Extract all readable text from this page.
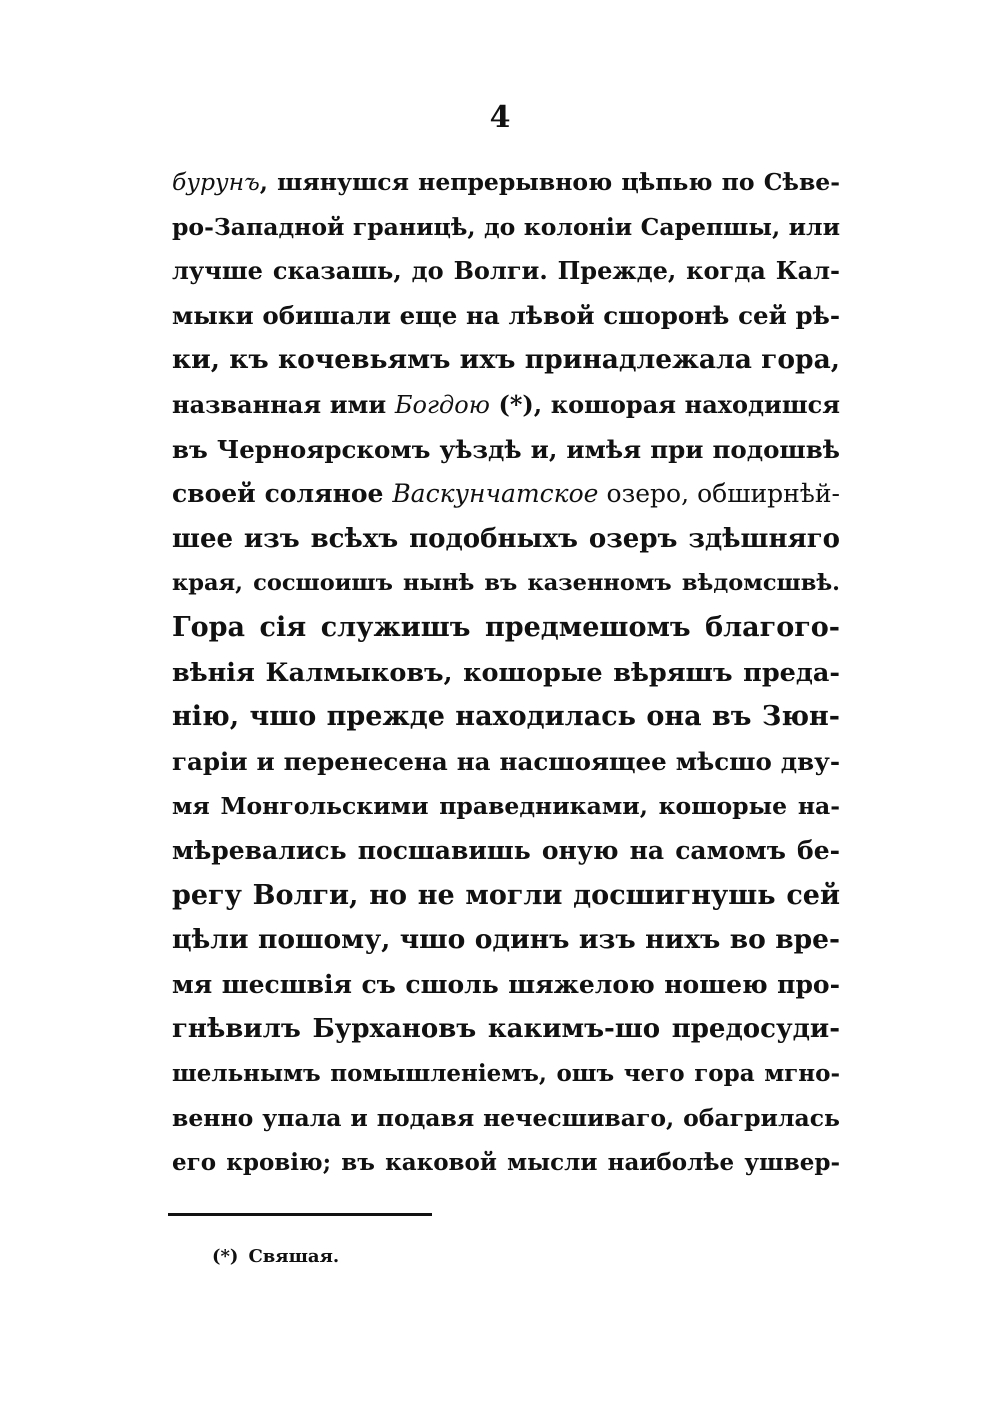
4
бурунъ, шянушся непрерывною цѣпью по Сѣве-
ро-Западной границѣ, до колоніи Сарепшы, или
лучше сказашь, до Волги. Прежде, когда Кал-
мыки обишали еще на лѣвой сшоронѣ сей рѣ-
ки, къ кочевьямъ ихъ принадлежала гора,
названная ими Богдою (*), кошорая находишся
въ Черноярскомъ уѣздѣ и, имѣя при подошвѣ
своей соляное Васкунчатское озеро, обширнѣй-
шее изъ всѣхъ подобныхъ озеръ здѣшняго
края, сосшоишъ нынѣ въ казенномъ вѣдомсшвѣ.
Гора сія служишъ предмешомъ благого-
вѣнія Калмыковъ, кошорые вѣряшъ преда-
нію, чшо прежде находилась она въ Зюн-
гаріи и перенесена на насшоящее мѣсшо дву-
мя Монгольскими праведниками, кошорые на-
мѣревались посшавишь оную на самомъ бе-
регу Волги, но не могли досшигнушь сей
цѣли пошому, чшо одинъ изъ нихъ во вре-
мя шесшвія съ сшоль шяжелою ношею про-
гнѣвилъ Бурхановъ какимъ-шо предосуди-
шельнымъ помышленіемъ, ошъ чего гора мгно-
венно упала и подавя нечесшиваго, обагрилась
его кровію; въ каковой мысли наиболѣе ушвер-
(*) Свяшая.
